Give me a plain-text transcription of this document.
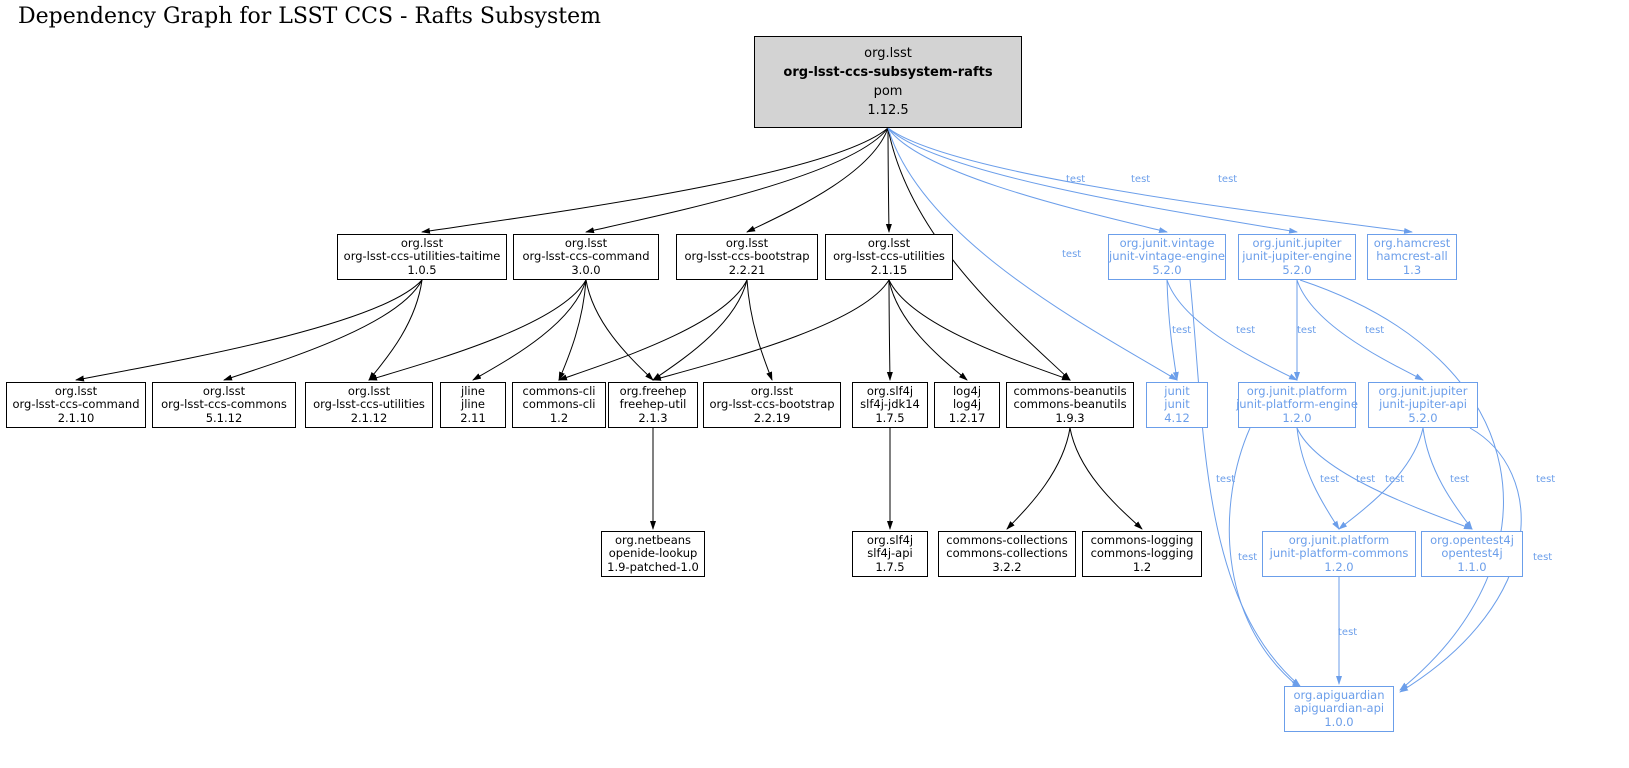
Dependency Graph for LSST CCS - Rafts Subsystem
org.lsst
org-lsst-ccs-subsystem-rafts
pom
1.12.5
org.lsst
org-lsst-ccs-utilities-taitime
1.0.5
org.lsst
org-lsst-ccs-command
3.0.0
org.lsst
org-lsst-ccs-bootstrap
2.2.21
org.lsst
org-lsst-ccs-utilities
2.1.15
org.junit.vintage
junit-vintage-engine
5.2.0
org.junit.jupiter
junit-jupiter-engine
5.2.0
org.hamcrest
hamcrest-all
1.3
org.lsst
org-lsst-ccs-command
2.1.10
org.lsst
org-lsst-ccs-commons
5.1.12
org.lsst
org-lsst-ccs-utilities
2.1.12
jline
jline
2.11
commons-cli
commons-cli
1.2
org.freehep
freehep-util
2.1.3
org.lsst
org-lsst-ccs-bootstrap
2.2.19
org.slf4j
slf4j-jdk14
1.7.5
log4j
log4j
1.2.17
commons-beanutils
commons-beanutils
1.9.3
junit
junit
4.12
org.junit.platform
junit-platform-engine
1.2.0
org.junit.jupiter
junit-jupiter-api
5.2.0
org.netbeans
openide-lookup
1.9-patched-1.0
org.slf4j
slf4j-api
1.7.5
commons-collections
commons-collections
3.2.2
commons-logging
commons-logging
1.2
org.junit.platform
junit-platform-commons
1.2.0
org.opentest4j
opentest4j
1.1.0
org.apiguardian
apiguardian-api
1.0.0
test	test	test
test
test	test	test	test
test	test test test	test	test
test	test
test
